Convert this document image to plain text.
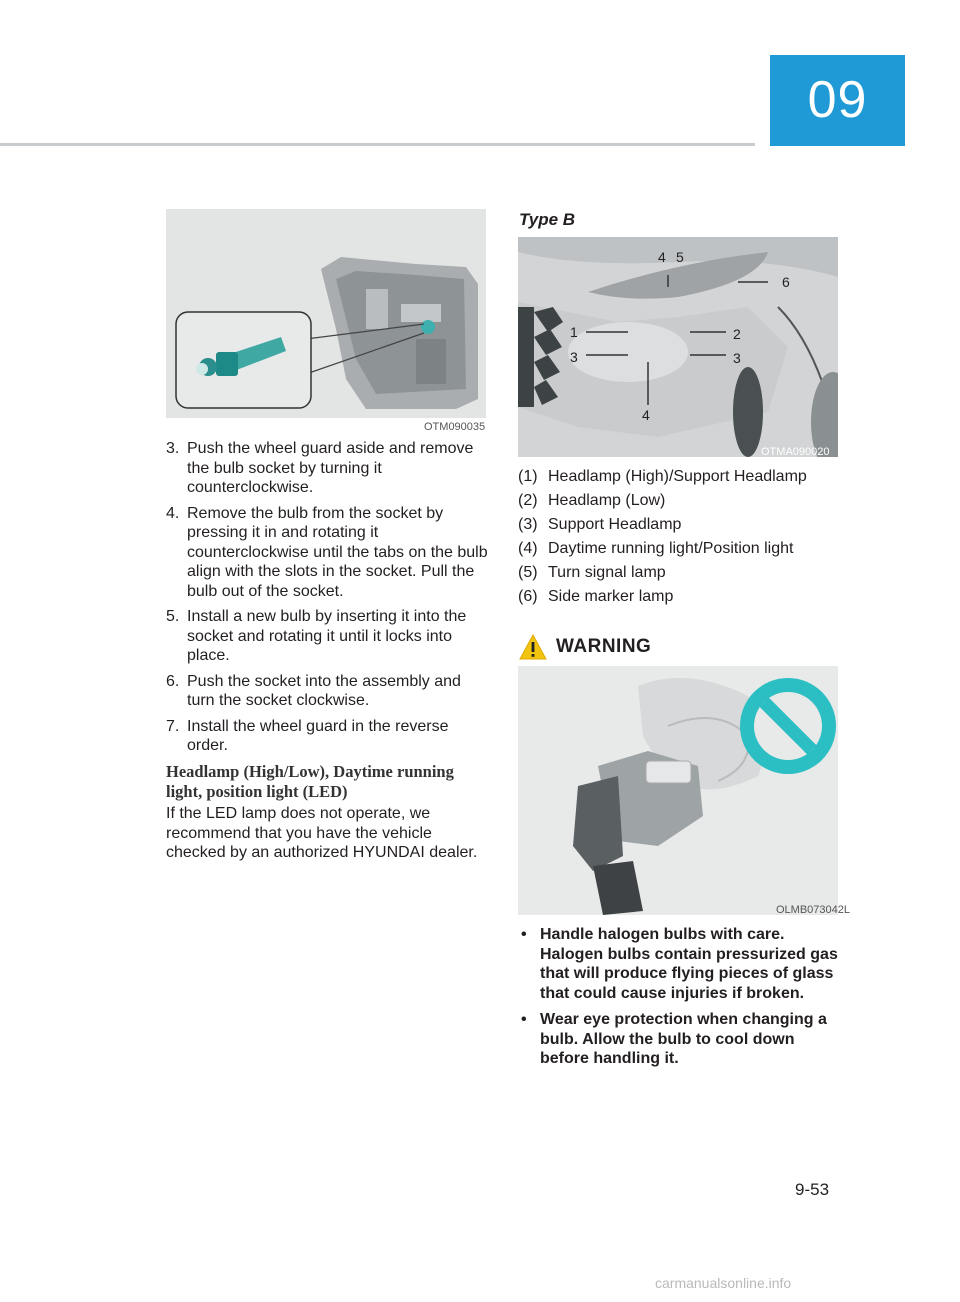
09
OTM090035
3. Push the wheel guard aside and remove the bulb socket by turning it counterclockwise.
4. Remove the bulb from the socket by pressing it in and rotating it counterclockwise until the tabs on the bulb align with the slots in the socket. Pull the bulb out of the socket.
5. Install a new bulb by inserting it into the socket and rotating it until it locks into place.
6. Push the socket into the assembly and turn the socket clockwise.
7. Install the wheel guard in the reverse order.
Headlamp (High/Low), Daytime running light, position light (LED)
If the LED lamp does not operate, we recommend that you have the vehicle checked by an authorized HYUNDAI dealer.
Type B
4 5
6
1	2
3	3
4
OTMA090020
(1) Headlamp (High)/Support Headlamp
(2) Headlamp (Low)
(3) Support Headlamp
(4) Daytime running light/Position light
(5) Turn signal lamp
(6) Side marker lamp
WARNING
OLMB073042L
• Handle halogen bulbs with care. Halogen bulbs contain pressurized gas that will produce flying pieces of glass that could cause injuries if broken.
• Wear eye protection when changing a bulb. Allow the bulb to cool down before handling it.
9-53
carmanualsonline.info
